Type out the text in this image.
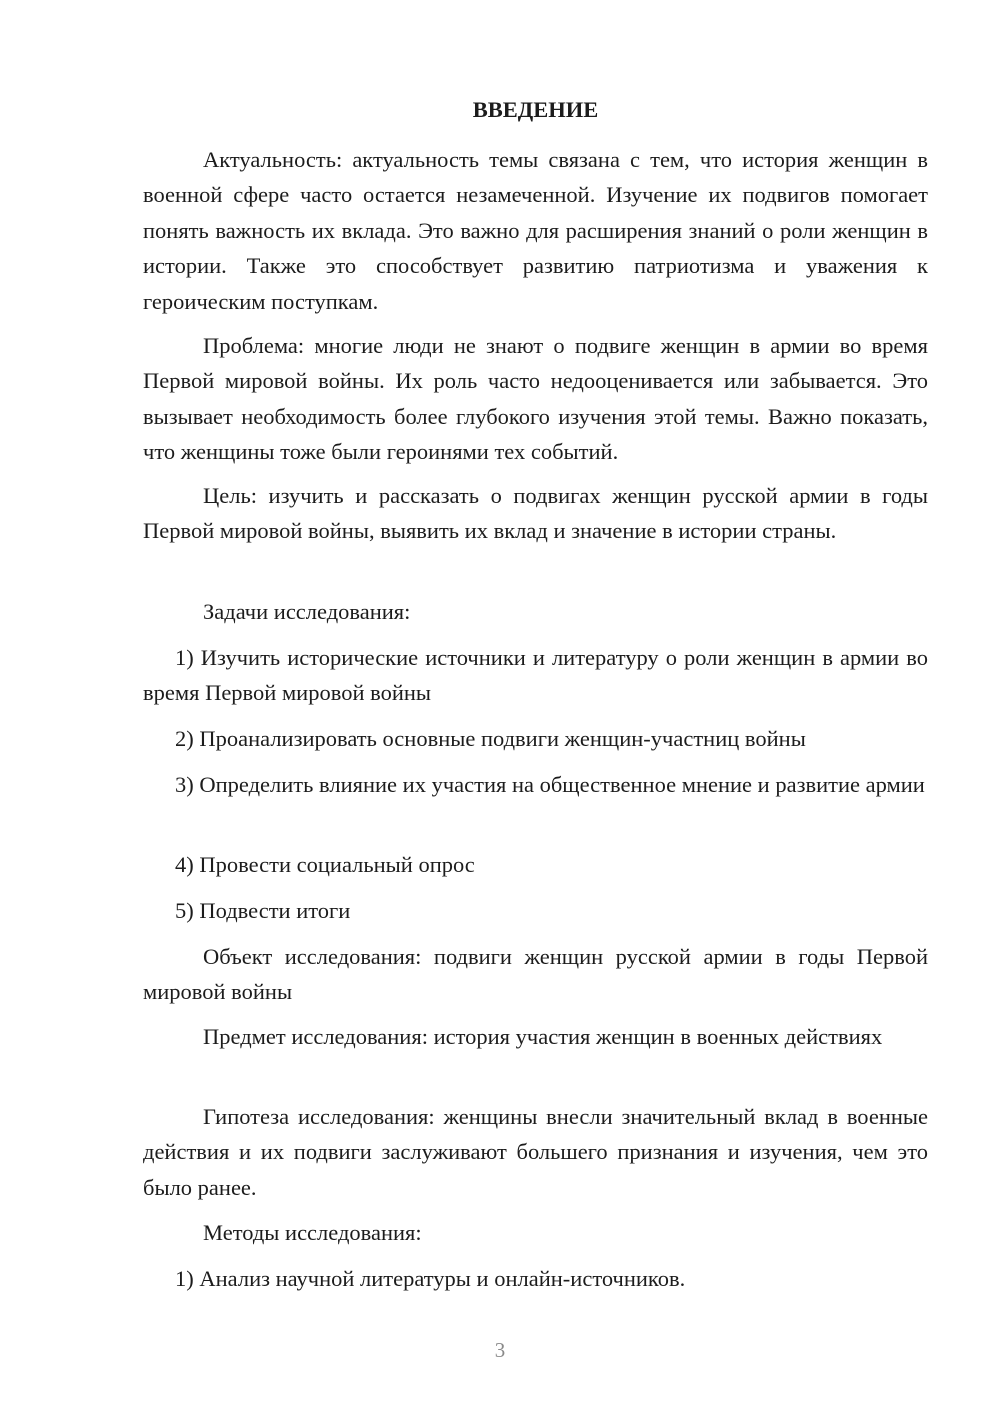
ВВЕДЕНИЕ

Актуальность: актуальность темы связана с тем, что история женщин в военной сфере часто остается незамеченной. Изучение их подвигов помогает понять важность их вклада. Это важно для расширения знаний о роли женщин в истории. Также это способствует развитию патриотизма и уважения к героическим поступкам.

Проблема: многие люди не знают о подвиге женщин в армии во время Первой мировой войны. Их роль часто недооценивается или забывается. Это вызывает необходимость более глубокого изучения этой темы. Важно показать, что женщины тоже были героинями тех событий.

Цель: изучить и рассказать о подвигах женщин русской армии в годы Первой мировой войны, выявить их вклад и значение в истории страны.

Задачи исследования:

1) Изучить исторические источники и литературу о роли женщин в армии во время Первой мировой войны

2) Проанализировать основные подвиги женщин-участниц войны

3) Определить влияние их участия на общественное мнение и развитие армии

4) Провести социальный опрос

5) Подвести итоги

Объект исследования: подвиги женщин русской армии в годы Первой мировой войны

Предмет исследования: история участия женщин в военных действиях

Гипотеза исследования: женщины внесли значительный вклад в военные действия и их подвиги заслуживают большего признания и изучения, чем это было ранее.

Методы исследования:

1) Анализ научной литературы и онлайн-источников.

3
